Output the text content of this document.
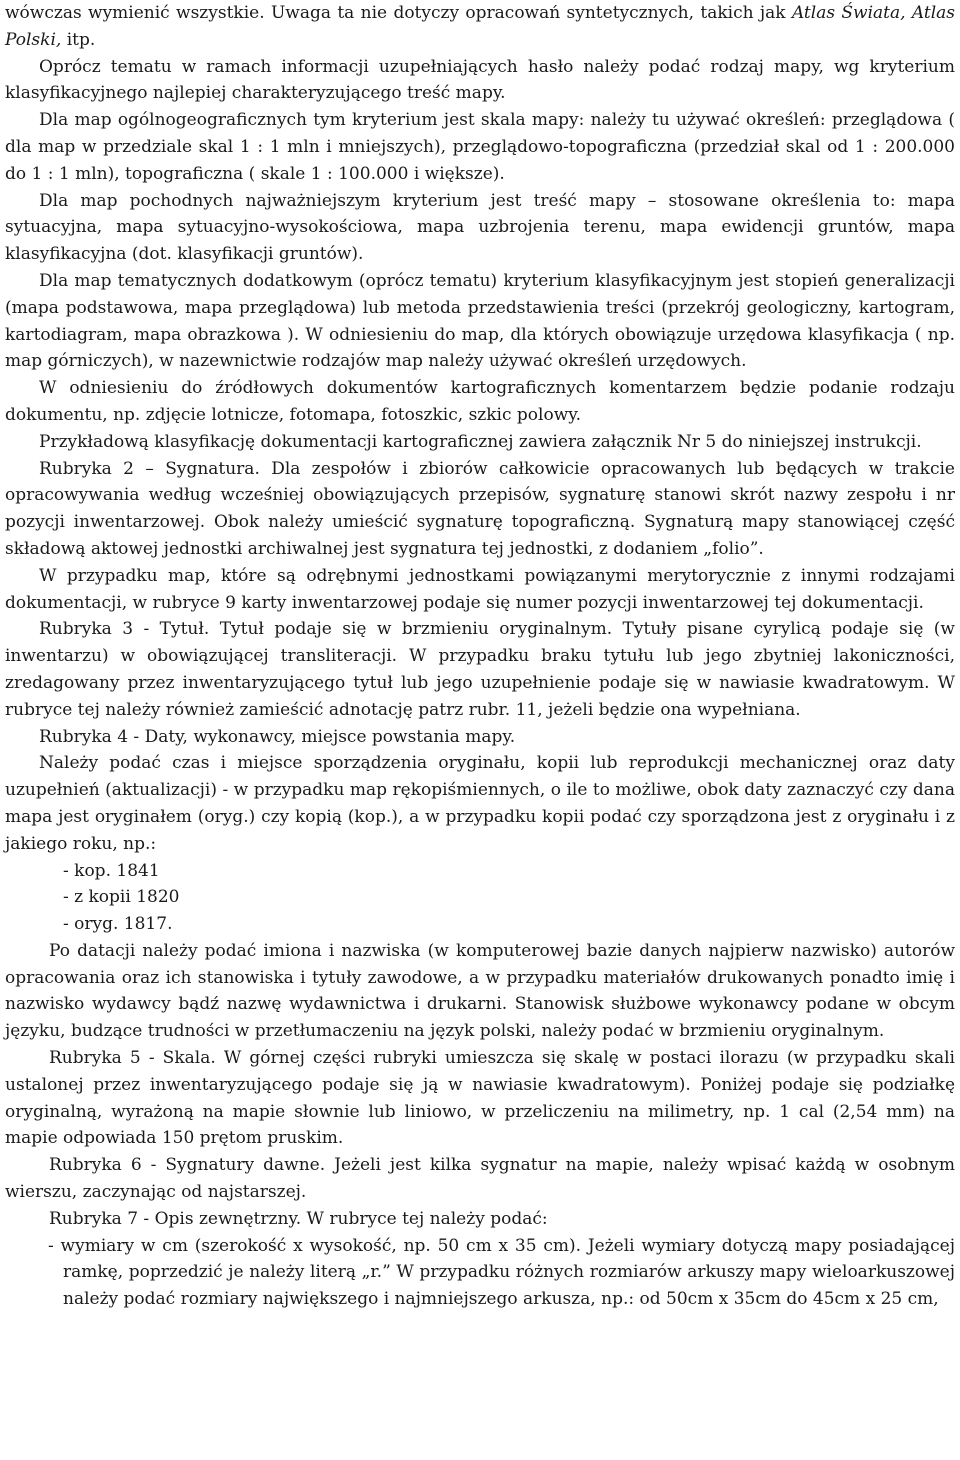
wówczas wymienić wszystkie. Uwaga ta nie dotyczy opracowań syntetycznych, takich jak Atlas Świata, Atlas Polski, itp.

Oprócz tematu w ramach informacji uzupełniających hasło należy podać rodzaj mapy, wg kryterium klasyfikacyjnego najlepiej charakteryzującego treść mapy.

Dla map ogólnogeograficznych tym kryterium jest skala mapy: należy tu używać określeń: przeglądowa ( dla map w przedziale skal 1 : 1 mln i mniejszych), przeglądowo-topograficzna (przedział skal od 1 : 200.000 do 1 : 1 mln), topograficzna ( skale 1 : 100.000 i większe).

Dla map pochodnych najważniejszym kryterium jest treść mapy – stosowane określenia to: mapa sytuacyjna, mapa sytuacyjno-wysokościowa, mapa uzbrojenia terenu, mapa ewidencji gruntów, mapa klasyfikacyjna (dot. klasyfikacji gruntów).

Dla map tematycznych dodatkowym (oprócz tematu) kryterium klasyfikacyjnym jest stopień generalizacji (mapa podstawowa, mapa przeglądowa) lub metoda przedstawienia treści (przekrój geologiczny, kartogram, kartodiagram, mapa obrazkowa ). W odniesieniu do map, dla których obowiązuje urzędowa klasyfikacja ( np. map górniczych), w nazewnictwie rodzajów map należy używać określeń urzędowych.

W odniesieniu do źródłowych dokumentów kartograficznych komentarzem będzie podanie rodzaju dokumentu, np. zdjęcie lotnicze, fotomapa, fotoszkic, szkic polowy.

Przykładową klasyfikację dokumentacji kartograficznej zawiera załącznik Nr 5 do niniejszej instrukcji.

Rubryka 2 – Sygnatura. Dla zespołów i zbiorów całkowicie opracowanych lub będących w trakcie opracowywania według wcześniej obowiązujących przepisów, sygnaturę stanowi skrót nazwy zespołu i nr pozycji inwentarzowej. Obok należy umieścić sygnaturę topograficzną. Sygnaturą mapy stanowiącej część składową aktowej jednostki archiwalnej jest sygnatura tej jednostki, z dodaniem „folio”.

W przypadku map, które są odrębnymi jednostkami powiązanymi merytorycznie z innymi rodzajami dokumentacji, w rubryce 9 karty inwentarzowej podaje się numer pozycji inwentarzowej tej dokumentacji.

Rubryka 3 - Tytuł. Tytuł podaje się w brzmieniu oryginalnym. Tytuły pisane cyrylicą podaje się (w inwentarzu) w obowiązującej transliteracji. W przypadku braku tytułu lub jego zbytniej lakoniczności, zredagowany przez inwentaryzującego tytuł lub jego uzupełnienie podaje się w nawiasie kwadratowym. W rubryce tej należy również zamieścić adnotację patrz rubr. 11, jeżeli będzie ona wypełniana.

Rubryka 4 - Daty, wykonawcy, miejsce powstania mapy.

Należy podać czas i miejsce sporządzenia oryginału, kopii lub reprodukcji mechanicznej oraz daty uzupełnień (aktualizacji) - w przypadku map rękopiśmiennych, o ile to możliwe, obok daty zaznaczyć czy dana mapa jest oryginałem (oryg.) czy kopią (kop.), a w przypadku kopii podać czy sporządzona jest z oryginału i z jakiego roku, np.:

- kop. 1841

- z kopii 1820

- oryg. 1817.

Po datacji należy podać imiona i nazwiska (w komputerowej bazie danych najpierw nazwisko) autorów opracowania oraz ich stanowiska i tytuły zawodowe, a w przypadku materiałów drukowanych ponadto imię i nazwisko wydawcy bądź nazwę wydawnictwa i drukarni. Stanowisk służbowe wykonawcy podane w obcym języku, budzące trudności w przetłumaczeniu na język polski, należy podać w brzmieniu oryginalnym.

Rubryka 5 - Skala. W górnej części rubryki umieszcza się skalę w postaci ilorazu (w przypadku skali ustalonej przez inwentaryzującego podaje się ją w nawiasie kwadratowym). Poniżej podaje się podziałkę oryginalną, wyrażoną na mapie słownie lub liniowo, w przeliczeniu na milimetry, np. 1 cal (2,54 mm) na mapie odpowiada 150 prętom pruskim.

Rubryka 6 - Sygnatury dawne. Jeżeli jest kilka sygnatur na mapie, należy wpisać każdą w osobnym wierszu, zaczynając od najstarszej.

Rubryka 7 - Opis zewnętrzny. W rubryce tej należy podać:

- wymiary w cm (szerokość x wysokość, np. 50 cm x 35 cm). Jeżeli wymiary dotyczą mapy posiadającej ramkę, poprzedzić je należy literą „r.” W przypadku różnych rozmiarów arkuszy mapy wieloarkuszowej należy podać rozmiary największego i najmniejszego arkusza, np.: od 50cm x 35cm do 45cm x 25 cm,
